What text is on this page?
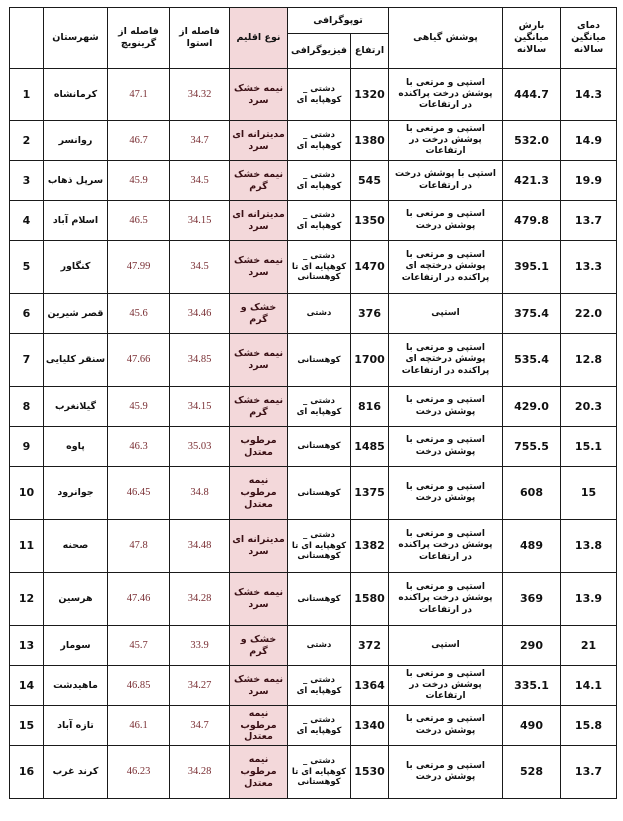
	شهرستان	فاصله از گرینویچ	فاصله از استوا	نوع اقلیم	توپوگرافی		پوشش گیاهی	بارش میانگین سالانه	دمای میانگین سالانه
					فیزیوگرافی	ارتفاع			
1	کرمانشاه	47.1	34.32	نیمه خشک سرد	دشتی _ کوهپایه ای	1320	استپی و مرتعی با پوشش درخت پراکنده در ارتفاعات	444.7	14.3
2	روانسر	46.7	34.7	مدیترانه ای سرد	دشتی _ کوهپایه ای	1380	استپی و مرتعی با پوشش درخت در ارتفاعات	532.0	14.9
3	سرپل ذهاب	45.9	34.5	نیمه خشک گرم	دشتی _ کوهپایه ای	545	استپی با پوشش درخت در ارتفاعات	421.3	19.9
4	اسلام آباد	46.5	34.15	مدیترانه ای سرد	دشتی _ کوهپایه ای	1350	استپی و مرتعی با پوشش درخت	479.8	13.7
5	کنگاور	47.99	34.5	نیمه خشک سرد	دشتی _ کوهپایه ای تا کوهستانی	1470	استپی و مرتعی با پوشش درختچه ای پراکنده در ارتفاعات	395.1	13.3
6	قصر شیرین	45.6	34.46	خشک و گرم	دشتی	376	استپی	375.4	22.0
7	سنقر کلیایی	47.66	34.85	نیمه خشک سرد	کوهستانی	1700	استپی و مرتعی با پوشش درختچه ای پراکنده در ارتفاعات	535.4	12.8
8	گیلانغرب	45.9	34.15	نیمه خشک گرم	دشتی _ کوهپایه ای	816	استپی و مرتعی با پوشش درخت	429.0	20.3
9	پاوه	46.3	35.03	مرطوب معتدل	کوهستانی	1485	استپی و مرتعی با پوشش درخت	755.5	15.1
10	جوانرود	46.45	34.8	نیمه مرطوب معتدل	کوهستانی	1375	استپی و مرتعی با پوشش درخت	608	15
11	صحنه	47.8	34.48	مدیترانه ای سرد	دشتی _ کوهپایه ای تا کوهستانی	1382	استپی و مرتعی با پوشش درخت پراکنده در ارتفاعات	489	13.8
12	هرسین	47.46	34.28	نیمه خشک سرد	کوهستانی	1580	استپی و مرتعی با پوشش درخت پراکنده در ارتفاعات	369	13.9
13	سومار	45.7	33.9	خشک و گرم	دشتی	372	استپی	290	21
14	ماهیدشت	46.85	34.27	نیمه خشک سرد	دشتی _ کوهپایه ای	1364	استپی و مرتعی با پوشش درخت در ارتفاعات	335.1	14.1
15	تازه آباد	46.1	34.7	نیمه مرطوب معتدل	دشتی _ کوهپایه ای	1340	استپی و مرتعی با پوشش درخت	490	15.8
16	کرند غرب	46.23	34.28	نیمه مرطوب معتدل	دشتی _ کوهپایه ای تا کوهستانی	1530	استپی و مرتعی با پوشش درخت	528	13.7
